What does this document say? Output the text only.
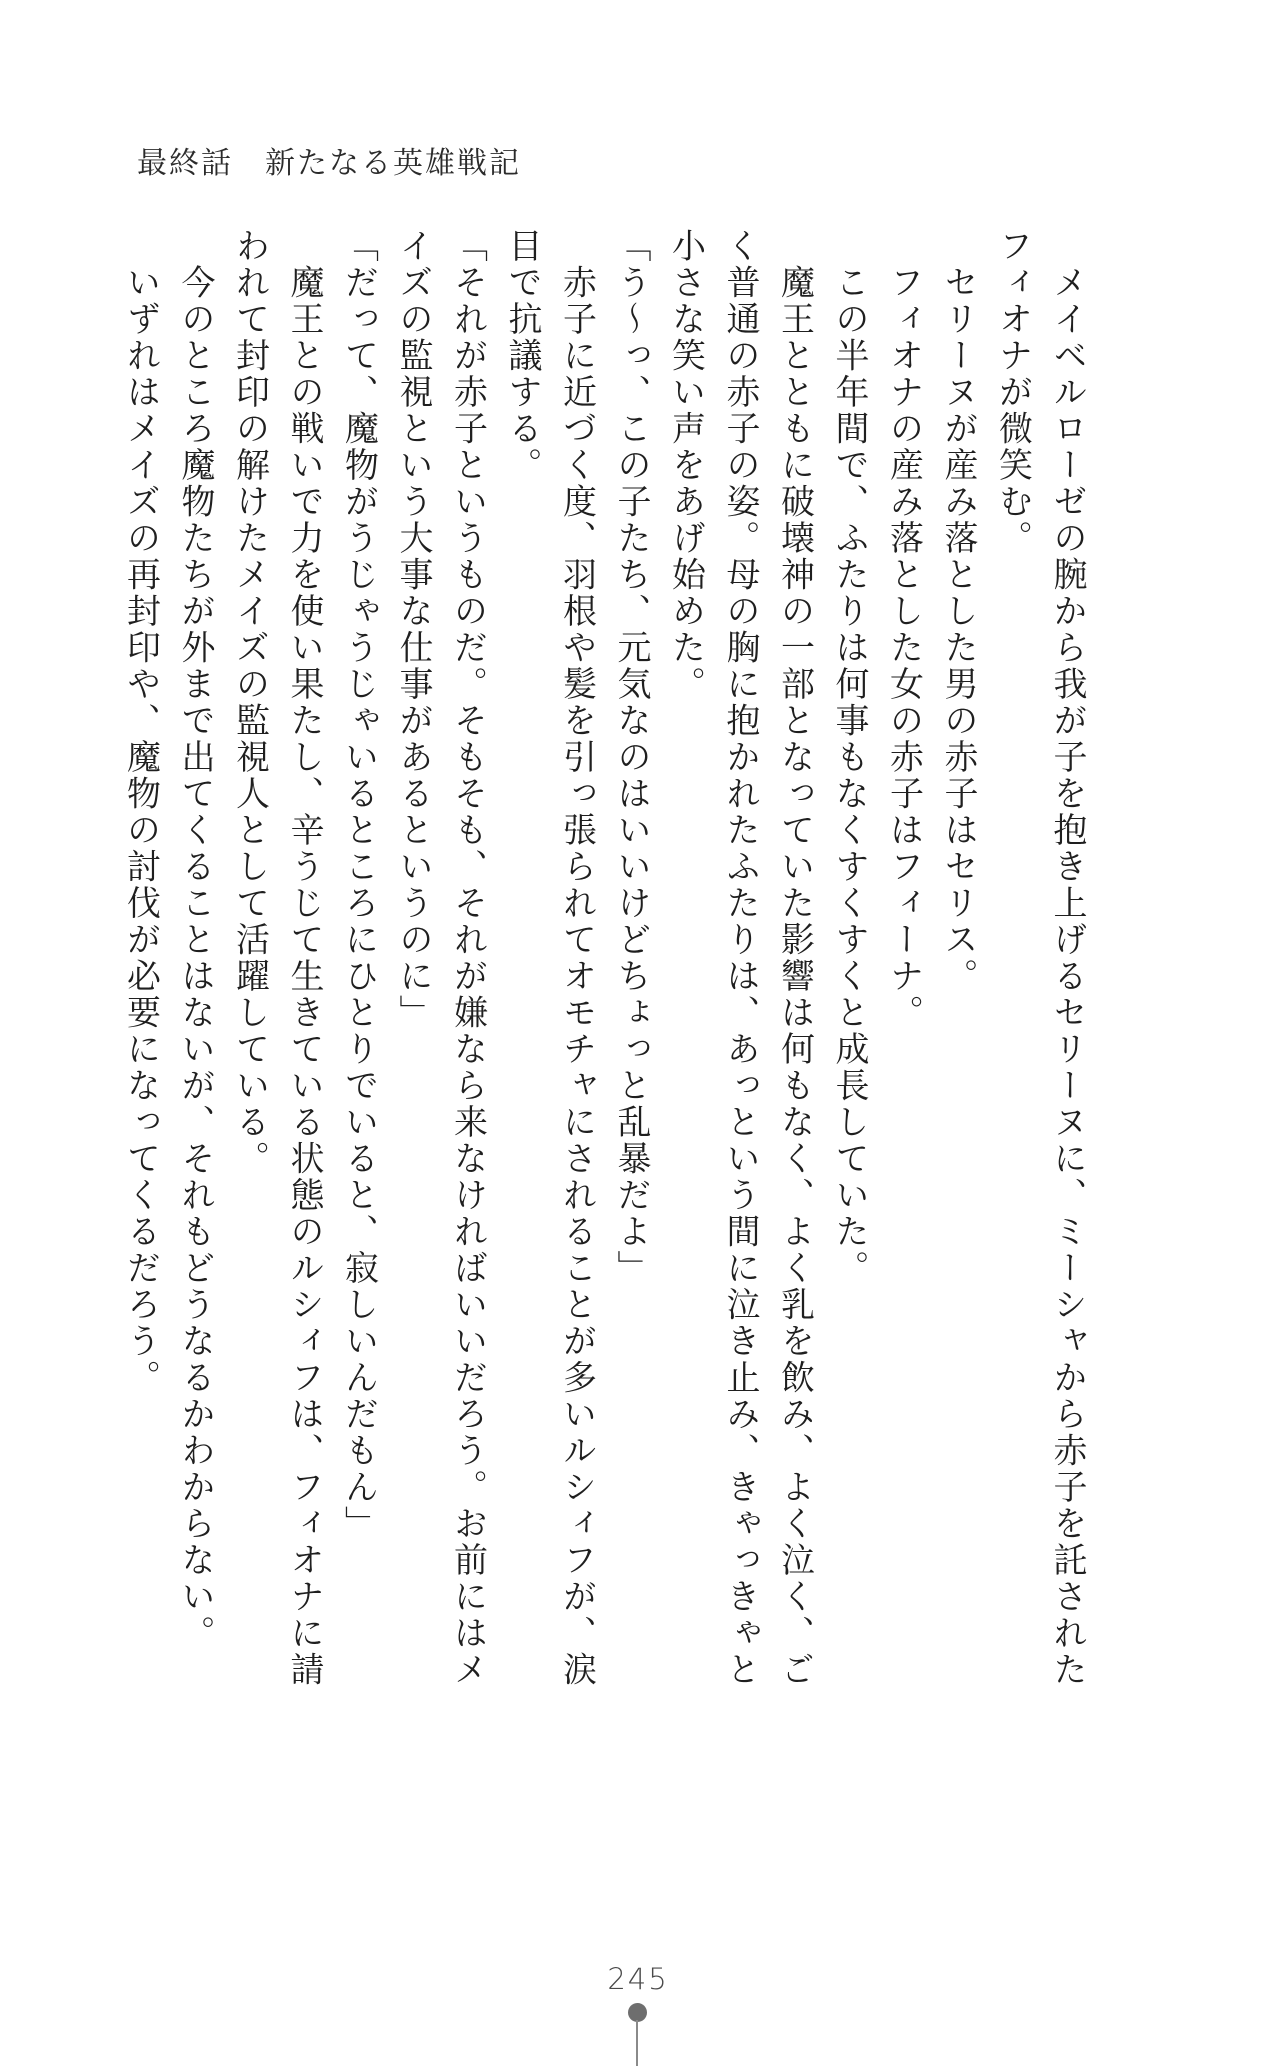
最終話　新たなる英雄戦記
　メイベルローゼの腕から我が子を抱き上げるセリーヌに、ミーシャから赤子を託された
フィオナが微笑む。
　セリーヌが産み落とした男の赤子はセリス。
　フィオナの産み落とした女の赤子はフィーナ。
　この半年間で、ふたりは何事もなくすくすくと成長していた。
　魔王とともに破壊神の一部となっていた影響は何もなく、よく乳を飲み、よく泣く、ご
く普通の赤子の姿。母の胸に抱かれたふたりは、あっという間に泣き止み、きゃっきゃと
小さな笑い声をあげ始めた。
「う〜っ、この子たち、元気なのはいいけどちょっと乱暴だよ」
　赤子に近づく度、羽根や髪を引っ張られてオモチャにされることが多いルシィフが、涙
目で抗議する。
「それが赤子というものだ。そもそも、それが嫌なら来なければいいだろう。お前にはメ
イズの監視という大事な仕事があるというのに」
「だって、魔物がうじゃうじゃいるところにひとりでいると、寂しいんだもん」
　魔王との戦いで力を使い果たし、辛うじて生きている状態のルシィフは、フィオナに請
われて封印の解けたメイズの監視人として活躍している。
　今のところ魔物たちが外まで出てくることはないが、それもどうなるかわからない。
　いずれはメイズの再封印や、魔物の討伐が必要になってくるだろう。
245
